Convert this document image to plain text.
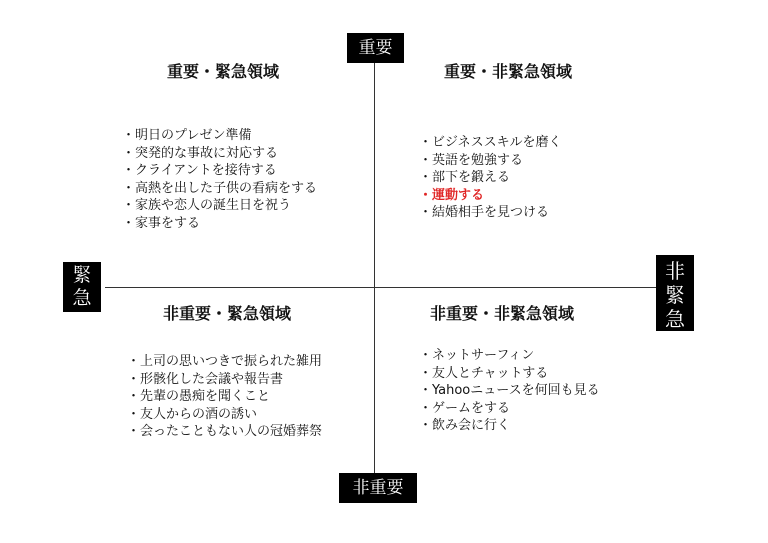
重要
非重要
緊
急
非
緊
急
重要・緊急領域	重要・非緊急領域
非重要・緊急領域	非重要・非緊急領域
・明日のプレゼン準備
・突発的な事故に対応する
・クライアントを接待する
・高熱を出した子供の看病をする
・家族や恋人の誕生日を祝う
・家事をする
・ビジネススキルを磨く
・英語を勉強する
・部下を鍛える
・運動する
・結婚相手を見つける
・上司の思いつきで振られた雑用
・形骸化した会議や報告書
・先輩の愚痴を聞くこと
・友人からの酒の誘い
・会ったこともない人の冠婚葬祭
・ネットサーフィン
・友人とチャットする
・Yahooニュースを何回も見る
・ゲームをする
・飲み会に行く
